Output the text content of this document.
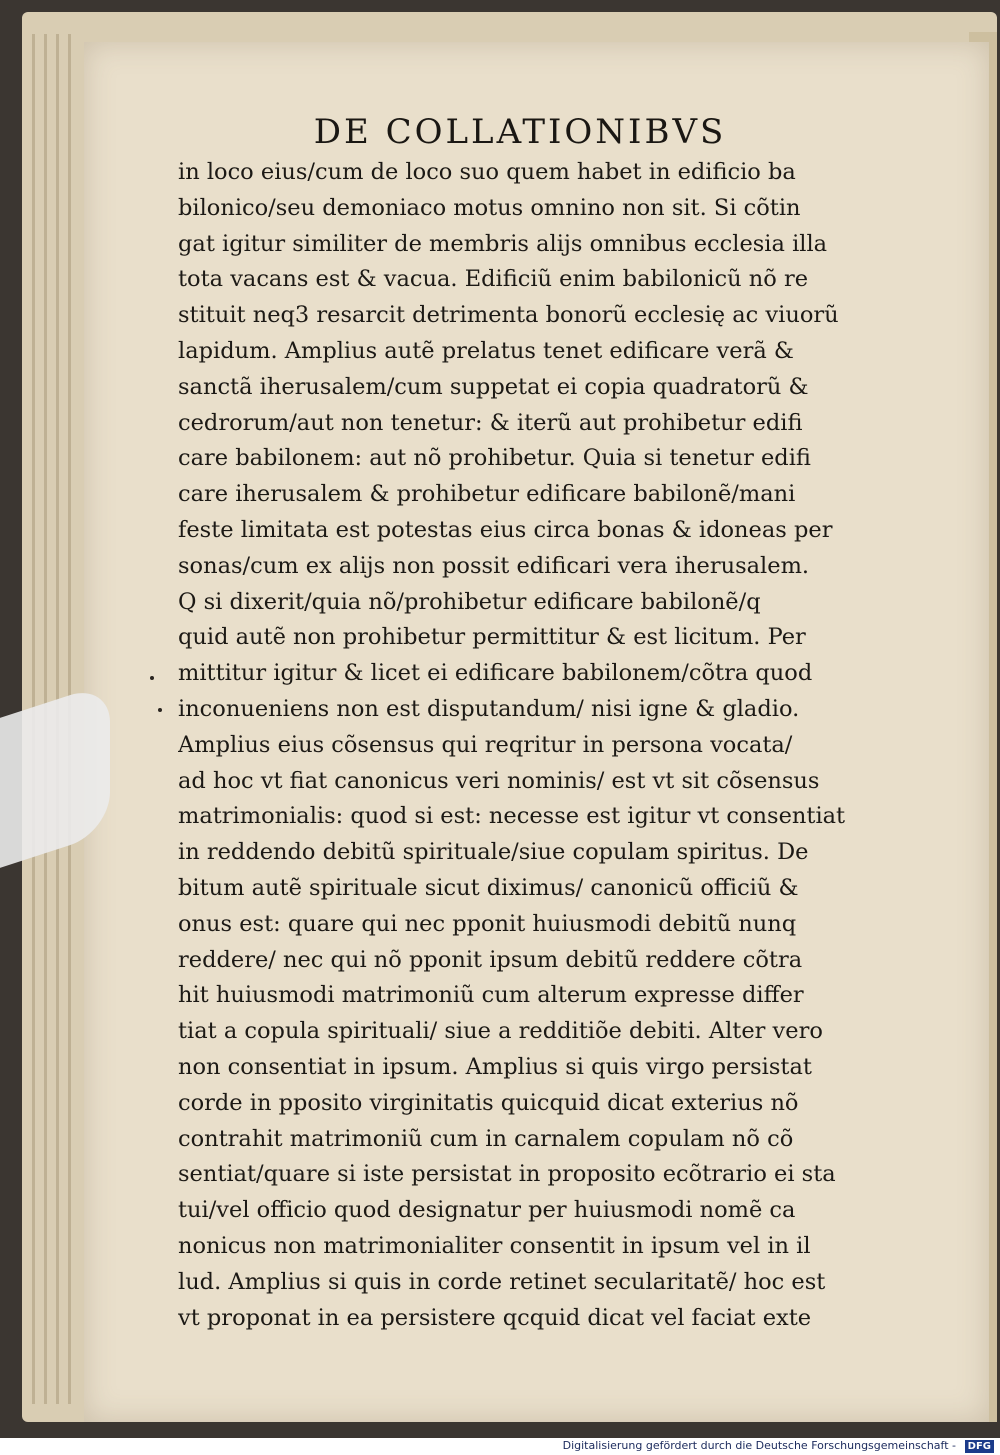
DE COLLATIONIBVS
in loco eius/cum de loco suo quem habet in edificio ba
bilonico/seu demoniaco motus omnino non sit. Si cõtin
gat igitur similiter de membris alijs omnibus ecclesia illa
tota vacans est & vacua. Edificiũ enim babilonicũ nõ re
stituit neq3 resarcit detrimenta bonorũ ecclesię ac viuorũ
lapidum. Amplius autẽ prelatus tenet edificare verã &
sanctã iherusalem/cum suppetat ei copia quadratorũ &
cedrorum/aut non tenetur: & iterũ aut prohibetur edifi
care babilonem: aut nõ prohibetur. Quia si tenetur edifi
care iherusalem & prohibetur edificare babilonẽ/mani
feste limitata est potestas eius circa bonas & idoneas per
sonas/cum ex alijs non possit edificari vera iherusalem.
Q si dixerit/quia nõ/prohibetur edificare babilonẽ/q
quid autẽ non prohibetur permittitur & est licitum. Per
mittitur igitur & licet ei edificare babilonem/cõtra quod
inconueniens non est disputandum/ nisi igne & gladio.
Amplius eius cõsensus qui reqritur in persona vocata/
ad hoc vt fiat canonicus veri nominis/ est vt sit cõsensus
matrimonialis: quod si est: necesse est igitur vt consentiat
in reddendo debitũ spirituale/siue copulam spiritus. De
bitum autẽ spirituale sicut diximus/ canonicũ officiũ &
onus est: quare qui nec pponit huiusmodi debitũ nunq
reddere/ nec qui nõ pponit ipsum debitũ reddere cõtra
hit huiusmodi matrimoniũ cum alterum expresse differ
tiat a copula spirituali/ siue a redditiõe debiti. Alter vero
non consentiat in ipsum. Amplius si quis virgo persistat
corde in pposito virginitatis quicquid dicat exterius nõ
contrahit matrimoniũ cum in carnalem copulam nõ cõ
sentiat/quare si iste persistat in proposito ecõtrario ei sta
tui/vel officio quod designatur per huiusmodi nomẽ ca
nonicus non matrimonialiter consentit in ipsum vel in il
lud. Amplius si quis in corde retinet secularitatẽ/ hoc est
vt proponat in ea persistere qcquid dicat vel faciat exte
Digitalisierung gefördert durch die Deutsche Forschungsgemeinschaft -	DFG
